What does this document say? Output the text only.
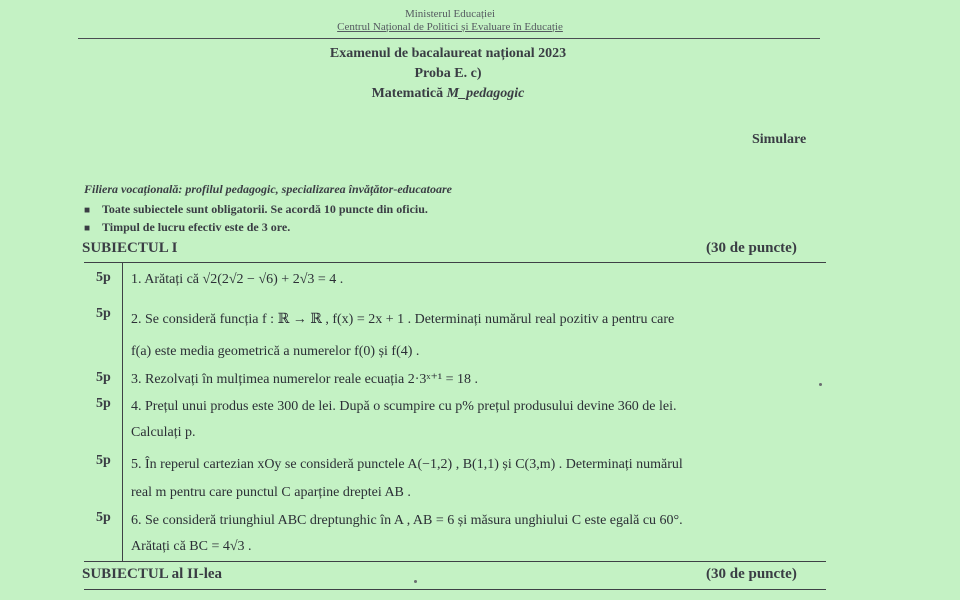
Ministerul Educației
Centrul Național de Politici și Evaluare în Educație
Examenul de bacalaureat național 2023
Proba E. c)
Matematică M_pedagogic
Simulare
Filiera vocațională: profilul pedagogic, specializarea învățător-educatoare
■ Toate subiectele sunt obligatorii. Se acordă 10 puncte din oficiu.
■ Timpul de lucru efectiv este de 3 ore.
SUBIECTUL I	(30 de puncte)
5p	1. Arătați că √2(2√2 − √6) + 2√3 = 4 .
5p	2. Se consideră funcția f : ℝ → ℝ , f(x) = 2x + 1 . Determinați numărul real pozitiv a pentru care
f(a) este media geometrică a numerelor f(0) și f(4) .
5p	3. Rezolvați în mulțimea numerelor reale ecuația 2·3ˣ⁺¹ = 18 .
5p	4. Prețul unui produs este 300 de lei. După o scumpire cu p% prețul produsului devine 360 de lei.
Calculați p.
5p	5. În reperul cartezian xOy se consideră punctele A(−1,2) , B(1,1) și C(3,m) . Determinați numărul
real m pentru care punctul C aparține dreptei AB .
5p	6. Se consideră triunghiul ABC dreptunghic în A , AB = 6 și măsura unghiului C este egală cu 60°.
Arătați că BC = 4√3 .
SUBIECTUL al II-lea	(30 de puncte)
